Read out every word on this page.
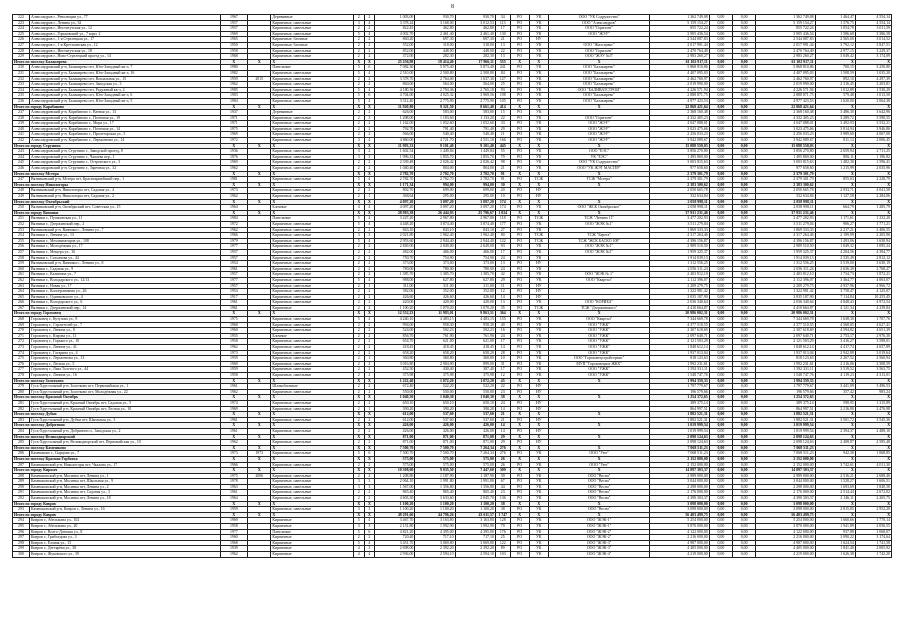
8
222	Александров г., Революции ул., 77	1967		Деревянные	2	2	1 003,00	930,70	930,70	34	РО	УК	ООО "УК Содружество"	1 362 749,08	0,00	0,00	1 362 749,08	1 464,47	4 554,14
223	Александров г., Ленина ул., 32	1957		Кирпичные, панельные	3	4	3 378,24	3 168,00	3 012,53	113	РО	УК	ООО "Александров"	5 159 154,27	0,00	0,00	5 159 154,27	1 576,75	4 554,14
224	Александров г., Институтская ул., 12	1957		Кирпичные, панельные	2	2	822,45	462,80	462,80	17	РО	УК	ООО "Горизонт"	855 722,24	0,00	0,00	855 722,24	1 054,78	3 011,59
225	Александров г., Горьковский ул., 7 корп. 2	1969		Кирпичные, панельные	5	4	4 002,70	2 461,40	2 461,40	130	РО	УК	ООО "ЖЭУ"	3 905 436,54	0,00	0,00	3 905 436,54	1 586,68	3 386,58
226	Александров г., 1-я Стрелецкая ул., 17	1965		Кирпичные, блочные	2	2	860,20	697,30	697,30	21	РО	НУ		2 544 087,83	0,00	0,00	2 544 087,83	2 565,00	3 014,52
227	Александров г., 1-я Крестьянская ул., 12	1950		Кирпичные, блочные	2	2	552,00	318,00	318,00	13	РО	УК	ООО "Жилсервис"	2 017 991,44	0,00	0,00	2 017 991,44	3 792,12	3 847,51
228	Александров г., Институтская ул., 18	1958		Кирпичные, панельные	2	2	852,00	448,00	448,00	22	РО	УК	ООО "Горизонт"	2 470 764,49	0,00	0,00	2 470 764,49	2 977,15	3 229,37
229	Александров г., Ново-Стрелецкий проезд ул., 14	1968		Кирпичные, панельные	2	2	372,00	282,30	282,30	13	РО	УК	ООО "ЖЭУ №3"	2 983 260,27	0,00	0,00	2 983 260,27	3 049,42	3 174,09
Итого по поселку Балакирево		X	X	X	X	X	25 256,98	18 414,40	17 966,11	555	X	X	X	61 102 917,11	0,00	0,00	61 102 917,11	X	X
230	Александровский р-н, Балакирево пгт, Юго-Западный кв-л, 7	1980		Панельные	5	6	7 082,30	5 975,40	5 873,40	241	РО	УК	ООО "Балакирево"	5 868 810,86	0,00	0,00	5 868 810,86	700,15	3 250,80
231	Александровский р-н, Балакирево пгт, Юго-Западный кв-л, 16	1982		Кирпичные, панельные	5	4	2 510,00	2 500,80	2 500,80	84	РО	УК	ООО "Балакирево"	4 407 095,03	0,00	0,00	4 407 095,03	1 508,59	1 035,20
232	Александровский р-н, Балакирево пгт, Вокзальная ул., 15	1959	2015	Кирпичные, панельные	2	2	3 378,70	2 764,00	1 637,30	127	РО	УК	ООО "Балакирево"	2 462 760,97	0,00	0,00	2 462 760,97	892,10	4 297,39
233	Александровский р-н, Балакирево пгт, Заводская ул., 3	1962		Кирпичные, панельные	2	2	860,00	564,00	564,00	25	РО	УК	ООО "Балакирево"	2 019 990,00	0,00	0,00	2 019 990,00	2 316,45	3 203,81
234	Александровский р-н, Балакирево пгт, Радужный кв-л, 2	1985		Кирпичные, панельные	5	4	4 180,36	2 794,36	2 765,18	93	РО	УК	ООО "БАЛИВАТСТРОЙ"	4 226 571,94	0,00	0,00	4 226 571,94	1 012,89	1 530,29
235	Александровский р-н, Балакирево пгт, Юго-Западный кв-л, 6	1983		Кирпичные, панельные	5	6	4 704,00	4 025,32	3 969,56	198	РО	УК	ООО "Балакирево"	2 888 871,75	0,00	0,00	2 888 871,75	579,48	1 013,50
236	Александровский р-н, Балакирево пгт, Юго-Западный кв-л, 5	1984		Кирпичные, панельные	5	4	3 312,40	2 775,90	2 775,90	105	РО	УК	ООО "Балакирево"	4 977 423,53	0,00	0,00	4 977 423,53	1 620,00	2 064,38
Итого по городу Карабаново		X	X	X	X	X	11 920,80	9 321,50	8 661,40	414	X	X	X	22 868 421,64	0,00	0,00	22 868 421,64	X	X
237	Александровский р-н, Карабаново г., Ватная ул., 13	1937		Деревянные	2	2	626,00	583,00	583,00	15	РО	УК		2 368 160,48	0,00	0,00	2 368 160,48	3 486,30	3 642,96
238	Александровский р-н, Карабаново г., Почтовая ул., 19	1971		Кирпичные, панельные	2	3	1 208,00	1 183,60	1 133,20	22	РО	УК	ООО "Горизонт"	4 332 405,23	0,00	0,00	4 332 405,23	3 289,72	3 590,55
239	Александровский р-н, Карабаново г., Мира ул., 17	1971		Кирпичные, панельные	2	2	1 162,00	1 052,60	1 052,60	33	РО	УК	ООО "ЖЭУ"	4 047 088,01	0,00	0,00	4 047 088,01	3 492,93	3 532,21
240	Александровский р-н, Карабаново г., Почтовая ул., 14	1975		Кирпичные, панельные	2	2	792,70	791,40	791,40	29	РО	УК	ООО "ЖЭУ"	3 023 475,66	0,00	0,00	3 023 475,66	3 814,94	3 946,86
241	Александровский р-н, Карабаново г., Пролетарская ул., 5	1969		Кирпичные, панельные	2	2	566,00	540,40	540,40	11	РО	УК	ООО "ЖЭУ"	2 256 033,23	0,00	0,00	2 256 033,23	3 989,60	4 067,08
242	Александровский р-н, Карабаново г., Лермонтова ул., 14	1972		Кирпичные, панельные	3	4	4 860,00	4 721,70	4 551,10	166	РО	УК	ООО "ЖЭУ"	3 942 089,67	0,00	0,00	3 942 089,67	811,13	2 006,45
Итого по городу Струнино		X	X	X	X	X	11 993,33	9 101,40	9 101,40	445	X	X	X	15 088 550,03	0,00	0,00	15 088 550,03	X	X
243	Александровский р-н, Струнино г., Заводской проезд, 8	1936		Кирпичные, панельные	3	2	1 602,54	1 449,84	1 449,84	55	РО	УК	ООО "ЕЭС"	3 856 270,80	0,00	0,00	3 856 270,80	2 659,94	2 711,25
244	Александровский р-н, Струнино г., Чапаева пер., 1	1976		Кирпичные, панельные	3	3	1 996,33	1 855,70	1 855,70	79	РО	УК	УК "ЕЭС"	1 495 869,00	0,00	0,00	1 495 869,00	806,11	1 196,82
245	Александровский р-н, Струнино г., Островского ул., 3	1969		Кирпичные, панельные	2	2	2 339,48	2 026,42	2 026,42	98	РО	УК	ООО "УК Содружество"	3 003 815,63	0,00	0,00	3 003 815,63	1 482,30	1 596,41
246	Александровский р-н, Струнино г., Заречная ул., 32	1962		Кирпичные, панельные	2	2	1 040,40	804,00	804,00	21	РО	УК	ООО "УК ЖЭТ МАСТЕР"	977 658,60	0,00	0,00	977 658,60	1 215,99	2 035,96
Итого по поселку Мстера		X	X	X	X	X	2 782,70	2 782,70	2 782,70	91	X	X	X	2 379 301,79	0,00	0,00	2 379 301,79	X	X
247	Вязниковский р-н, Мстера пгт, Красноармейский пер., 1	1981		Кирпичные, панельные	5	4	2 782,70	2 782,70	2 782,70	91	РО	ТСЖ	ТСЖ "Мстера"	2 379 301,79	0,00	0,00	2 379 301,79	855,03	2 228,79
Итого по поселку Никологоры		X	X	X	X	X	1 171,34	994,00	994,00	30	X	X	X	2 383 300,62	0,00	0,00	2 383 300,62	X	X
248	Вязниковский р-н, Никологоры пгт, Садовая ул., 4	1973		Кирпичные, панельные	2	2	802,70	699,00	699,00	20	РО	НУ		2 050 665,78	0,00	0,00	2 050 665,78	2 933,71	4 041,58
249	Вязниковский р-н, Никологоры пгт, Садовая ул., 2	1962		Кирпичные, панельные	2	1	368,64	295,00	295,00	10	РО	НУ		332 634,84	0,00	0,00	332 634,84	1 127,58	2 284,06
Итого по поселку Октябрьский		X	X	X	X	X	4 097,20	3 097,20	3 097,20	174	X	X	X	2 058 998,11	0,00	0,00	2 058 998,11	X	X
250	Вязниковский р-н, Октябрьский пгт, Советская ул., 15	1964		Блочные	4	4	4 097,20	3 097,20	3 097,20	174	РО	УК	ООО "ЖСК Октябрьское"	2 058 998,11	0,00	0,00	2 058 998,11	664,79	1 285,79
Итого по городу Вязники		X	X	X	X	X	28 983,38	26 444,93	25 796,67	1 024	X	X	X	37 931 231,46	0,00	0,00	37 931 231,46	X	X
251	Вязники г., Пушкинская ул., 11	1984		Панельные	5	4	3 247,20	2 967,80	2 967,80	118	РО	ТСЖ	ТСЖ "Ленина 11"	3 477 202,93	0,00	0,00	3 477 202,93	1 171,61	1 232,20
252	Вязники г., Дзержинский пер., 2	1972		Кирпичные, панельные	5	4	4 448,20	3 874,40	3 874,40	177	РО	УК	ООО "ЖЭК №1"	3 511 279,04	0,00	0,00	3 511 279,04	906,27	1 771,21
253	Вязниковский р-н, Вязники г., Ленина ул., 7	1962		Кирпичные, панельные	2	2	843,10	843,10	843,10	27	РО	УК		1 869 333,33	0,00	0,00	1 869 333,33	2 217,21	2 406,55
254	Вязники г., Ленина ул., 13	1966		Кирпичные, панельные	3	3	2 021,80	1 962,40	1 962,40	80	РО	ТСЖ	ТСЖ "Берега"	4 317 264,46	0,00	0,00	4 317 264,46	2 199,99	2 205,96
255	Вязники г., Механизаторов ул., 108	1979		Кирпичные, панельные	5	4	2 953,60	2 944,40	2 944,40	122	РО	ТСЖ	ТСЖ "ЖСК БАСКО 108"	4 396 156,87	0,00	0,00	4 396 156,87	1 493,06	1 630,94
256	Вязники г., Молодёжная ул., 17	1977		Кирпичные, панельные	2	2	2 849,00	2 849,00	2 649,00	93	РО	УК	ООО "ЖЭК №1"	2 989 510,50	0,00	0,00	2 989 510,50	1 049,32	1 095,24
257	Вязники г., Мещера ул., 16	1957		Кирпичные, панельные	2	2	482,00	466,00	466,00	17	РО	УК	ООО "ЖЭК №1"	1 959 325,37	0,00	0,00	1 959 325,37	4 204,56	4 394,77
258	Вязники г., Стаханова ул., 44	1957		Кирпичные, панельные	2	2	750,70	754,90	754,90	24	РО	УК		1 914 039,13	0,00	0,00	1 914 039,13	2 535,49	2 812,12
259	Вязниковский р-н, Вязники г., Ленина ул., 8	1954		Кирпичные, панельные	2	2	373,00	373,00	373,00	13	РО	НУ		1 312 556,25	0,00	0,00	1 312 556,25	3 519,00	3 630,19
260	Вязники г., Садовая ул., 9	1961		Кирпичные, панельные	2	2	780,00	780,00	780,00	24	РО	УК		2 056 311,24	0,00	0,00	2 056 311,24	2 636,30	2 768,27
261	Вязники г., Калинина ул., 7	1957		Кирпичные, панельные	2	2	1 385,70	1 385,70	1 385,70	42	РО	УК	ООО "ЖЭК № 1"	2 403 812,10	0,00	0,00	2 403 812,10	1 734,73	1 872,21
262	Вязники г., Володарского ул., 12/13	1977		Кирпичные, панельные	5	4	988,00	627,80	627,80	29	РО	УК	ООО "Квартал"	2 112 396,07	0,00	0,00	2 112 396,07	3 364,77	4 063,07
263	Вязники г., Новая ул., 17	1957		Кирпичные, панельные	2	1	311,00	311,00	311,00	11	РО	НУ		2 209 279,75	0,00	0,00	2 209 279,75	4 937,96	4 966,72
264	Вязники г., Кооперативная ул., 26	1954		Кирпичные, панельные	2	2	382,00	352,00	352,00	12	РО	НУ		1 322 981,42	0,00	0,00	1 322 981,42	3 758,47	4 125,07
265	Вязники г., Одинковского ул., 4	1917		Кирпичные, панельные	2	2	426,60	426,60	426,60	14	РО	НУ		3 035 187,90	0,00	0,00	3 035 187,90	7 114,84	10 255,45
266	Вязники г., Володарского ул., 6	1961		Кирпичные, панельные	2	2	420,00	420,00	420,00	13	РО	УК	ООО "КОРИБА"	2 036 340,64	0,00	0,00	2 036 340,64	4 848,43	4 972,54
267	Вязники г., Дзержинский пер., 14	1961		Кирпичные	2	2	1 100,20	1 070,20	1 070,20	35	РО	ТСЖ	ТСЖ "Дзержинского"	4 410 664,87	0,00	0,00	4 410 664,87	4 121,34	4 239,84
Итого по городу Гороховец		X	X	X	X	X	12 552,23	11 983,01	9 863,51	364	X	X	X	20 986 002,31	0,00	0,00	20 986 002,31	X	X
268	Гороховец г., Кутузова ул., 9	1975		Кирпичные, панельные	5	4	4 240,10	4 483,15	4 483,15	155	РО	УК	ООО "Квартал"	7 344 669,78	0,00	0,00	7 344 669,78	1 638,30	1 707,76
269	Гороховец г., Строителей ул., 7	1960		Кирпичные, панельные	2	2	994,00	958,30	958,30	40	РО	УК	ООО "УЖК"	4 377 510,55	0,00	0,00	4 377 510,55	4 568,05	4 627,41
270	Гороховец г., Ленина ул., 8	1960		Кирпичные, панельные	2	2	524,00	502,23	502,23	16	РО	УК	ООО "УЖК"	2 307 618,69	0,00	0,00	2 307 618,69	4 594,82	4 651,39
271	Гороховец г., Кирова ул., 11	1955		Блочные	2	2	856,70	761,90	761,90	24	РО	УК	ООО "УЖК"	2 097 640,71	0,00	0,00	2 097 640,71	2 753,17	2 976,30
272	Гороховец г., Горького ул., 10	1958		Кирпичные, панельные	2	2	654,70	621,00	621,00	17	РО	УК	ООО "УЖК"	2 121 503,29	0,00	0,00	2 121 503,29	3 416,27	3 598,01
273	Гороховец г., Ленина ул., 41	1962		Кирпичные, панельные	2	2	418,45	418,45	418,45	14	РО	УК	ООО "УЖК"	1 848 612,14	0,00	0,00	1 848 612,14	4 417,74	4 657,89
274	Гороховец г., Гагарина ул., 4	1973		Кирпичные, панельные	2	2	658,20	658,20	658,20	28	РО	УК	ООО "УЖК"	1 937 013,04	0,00	0,00	1 937 013,04	2 942,89	3 019,64
275	Гороховец г., Лермонтова ул., 13	1959		Кирпичные, панельные	2	1	360,80	360,80	360,80	10	РО	УК	ООО "Гороховецстройсервис"	818 123,63	0,00	0,00	818 123,63	2 267,52	2 560,94
276	Гороховец г., Лесная ул., 5	1969		Кирпичные, панельные	2	2	3 016,80	2 904,90	899,00	31	РО	УК	МУП "Гороховецкое ЖКХ"	1 992 231,61	0,00	0,00	1 992 231,61	2 216,06	2 308,59
277	Гороховец г., Льва Толстого ул., 44	1959		Кирпичные, панельные	2	2	452,50	430,40	387,40	17	РО	УК	ООО "УЖК"	1 592 331,11	0,00	0,00	1 592 331,11	3 519,52	3 563,75
278	Гороховец г., Ленина ул., 16	1958		Кирпичные, панельные	2	2	375,98	375,98	375,98	12	РО	УК	ООО "УЖК"	1 548 747,76	0,00	0,00	1 548 747,76	4 119,23	4 313,01
Итого по поселку Золотково		X	X	X	X	X	1 222,40	1 072,20	1 072,20	45	X	X	X	1 994 359,33	0,00	0,00	1 994 359,33	X	X
279	Гусь-Хрустальный р-н, Золотково пгт, Первомайская ул., 1	1961		Шлакоблочные	2	2	672,40	522,20	522,20	22	РО	НУ		1 797 779,67	0,00	0,00	1 797 779,67	3 441,09	3 496,53
280	Гусь-Хрустальный р-н, Золотково пгт, Молодёжная ул., 22	1962		Кирпичные, панельные	2	2	550,00	550,00	550,00	23	РО	НУ		196 579,66	0,00	0,00	196 579,66	357,42	985,24
Итого по поселку Красный Октябрь		X	X	X	X	X	1 040,30	1 040,30	1 040,30	38	X	X	X	1 254 372,65	0,00	0,00	1 254 372,65	X	X
281	Гусь-Хрустальный р-н, Красный Октябрь пгт, Садовая ул., 5	1974		Кирпичные, панельные	2	2	650,10	650,10	650,10	24	РО	НУ		389 375,14	0,00	0,00	389 375,14	598,95	1 315,89
282	Гусь-Хрустальный р-н, Красный Октябрь пгт, Лесная ул., 10	1969		Кирпичные, панельные	2	1	390,20	390,20	390,20	14	РО	НУ		864 997,51	0,00	0,00	864 997,51	2 216,80	2 476,98
Итого по поселку Дубки		X	X	X	X	X	612,00	537,60	537,60	21	X	X	X	1 882 521,31	0,00	0,00	1 882 521,31	X	X
283	Гусь-Хрустальный р-н, Дубки пгт, Школьная ул., 3	1961		Кирпичные, панельные	2	2	612,00	537,60	537,60	21	РО	НУ		1 882 521,31	0,00	0,00	1 882 521,31	3 501,72	3 545,36
Итого по поселку Добрятино		X	X	X	X	X	426,00	426,00	426,00	14	X	X	X	1 019 999,54	0,00	0,00	1 019 999,54	X	X
284	Гусь-Хрустальный р-н, Добрятино п., Заводская ул., 2	1961		Кирпичные, панельные	2	2	426,00	426,00	426,00	14	РО	НУ		1 019 999,54	0,00	0,00	1 019 999,54	2 394,37	2 488,10
Итого по поселку Великодворский		X	X	X	X	X	871,00	871,00	871,00	29	X	X	X	2 098 124,63	0,00	0,00	2 098 124,63	X	X
285	Гусь-Хрустальный р-н, Великодворский пгт, Первомайская ул., 10	1962		Кирпичные, панельные	2	2	871,00	871,00	871,00	29	РО	НУ		2 098 124,63	0,00	0,00	2 098 124,63	2 408,87	2 585,48
Итого по поселку Камешково		X	X	X	X	X	7 500,70	7 500,70	7 264,34	276	X	X	X	7 068 511,23	0,00	0,00	7 068 511,23	X	X
286	Камешково г., Сырцова ул., 7	1973	1973	Кирпичные, панельные	5	6	7 500,70	7 500,70	7 264,34	276	РО	УК	ООО "Уют"	7 068 511,23	0,00	0,00	7 068 511,23	942,38	1 068,85
Итого по поселку Красная Горбатка		X	X	X	X	X	575,00	575,00	575,00	26	X	X	X	2 152 000,00	0,00	0,00	2 152 000,00	X	X
287	Камешковский р-н, Никологоры пгт, Чкалова ул., 17	1966		Кирпичные, панельные	2	2	575,00	575,00	575,00	26	РО	УК	ООО "Уют"	2 152 000,00	0,00	0,00	2 152 000,00	3 742,61	4 011,30
Итого по городу Киржач		X	X	X	X	X	10 308,60	9 035,50	7 447,60	309	X	X	X	14 897 303,37	0,00	0,00	14 897 303,37	X	X
288	Камешковский р-н, Мосинка пгт, Ленина ул., 1	1975	2006	Кирпичные, панельные	2	2	1 208,80	1 187,90	1 187,90	39	РО	УК	ООО "Весна"	2 989 000,00	0,00	0,00	2 989 000,00	2 516,21	2 688,46
289	Камешковский р-н, Мосинка пгт, Школьная ул., 9	1978		Кирпичные, панельные	3	3	2 064,10	1 991,80	1 991,80	67	РО	УК	ООО "Весна"	3 044 000,00	0,00	0,00	3 044 000,00	1 528,27	1 606,51
290	Камешковский р-н, Мосинка пгт, Ленина ул., 2	1963		Кирпичные, панельные	3	3	1 567,00	1 356,80	1 356,80	44	РО	УК	ООО "Весна"	2 298 000,00	0,00	0,00	2 298 000,00	1 693,69	1 840,58
291	Камешковский р-н, Мосинка пгт, Садовая ул., 3	1961		Кирпичные, панельные	2	2	865,40	865,40	865,40	23	РО	УК	ООО "Весна"	2 176 000,00	0,00	0,00	2 176 000,00	2 514,44	2 672,02
292	Камешковский р-н, Мосинка пгт, Ленина ул., 18	1964		Кирпичные, панельные	2	2	4 603,30	3 633,60	2 045,70	136	РО	УК	ООО "Весна"	4 390 303,37	0,00	0,00	4 390 303,37	2 146,11	2 265,75
Итого по городу Ковров		X	X	X	X	X	1 100,20	1 100,20	1 100,20	38	X	X	X	3 098 000,00	0,00	0,00	3 098 000,00	X	X
293	Камешковский р-н, Ковров г., Ленина ул., 16	1959		Кирпичные, панельные	3	3	1 100,20	1 100,20	1 100,20	38	РО	УК	ООО "Весна"	3 098 000,00	0,00	0,00	3 098 000,00	2 815,85	2 952,20
Итого по городу Ковров		X	X	X	X	X	48 291,66	44 796,26	43 611,57	1 747	X	X	X	56 403 499,75	0,00	0,00	56 403 499,75	X	X
294	Ковров г., Абельмана ул., 102	1969		Кирпичные	5	4	3 467,70	3 163,80	3 163,80	128	РО	УК	ООО "ЖЭК-1"	5 254 000,00	0,00	0,00	5 254 000,00	1 660,66	1 770,14
295	Ковров г., Абельмана ул., 20	1958		Кирпичные	3	3	2 151,80	1 992,90	1 992,90	79	РО	УК	ООО "ЖЭК-1"	3 870 000,00	0,00	0,00	3 870 000,00	1 941,89	2 056,55
296	Ковров г., Волго-Донская ул., 8	1977		Панельные	5	6	4 821,20	4 395,00	4 395,00	176	РО	УК	ООО "ЖЭК-2"	4 122 000,00	0,00	0,00	4 122 000,00	937,88	1 068,07
297	Ковров г., Грибоедова ул., 3	1960		Кирпичные	2	2	720,40	717,10	717,10	25	РО	УК	ООО "ЖЭК-2"	2 216 000,00	0,00	0,00	2 216 000,00	3 090,22	3 174,64
298	Ковров г., Еловая ул., 13	1968		Кирпичные	5	4	3 451,70	3 069,80	3 069,80	122	РО	УК	ООО "ЖЭК-3"	4 987 000,00	0,00	0,00	4 987 000,00	1 624,54	1 741,58
299	Ковров г., Дегтярёва ул., 38	1939		Кирпичные	4	3	2 698,00	2 392,20	2 392,20	89	РО	УК	ООО "ЖЭК-3"	4 405 000,00	0,00	0,00	4 405 000,00	1 841,40	2 005,92
300	Ковров г., Жуковского ул., 39	1962		Кирпичные	4	4	2 936,00	2 594,10	2 594,10	103	РО	УК	ООО "ЖЭК-4"	4 219 000,00	0,00	0,00	4 219 000,00	1 626,38	1 742,20
